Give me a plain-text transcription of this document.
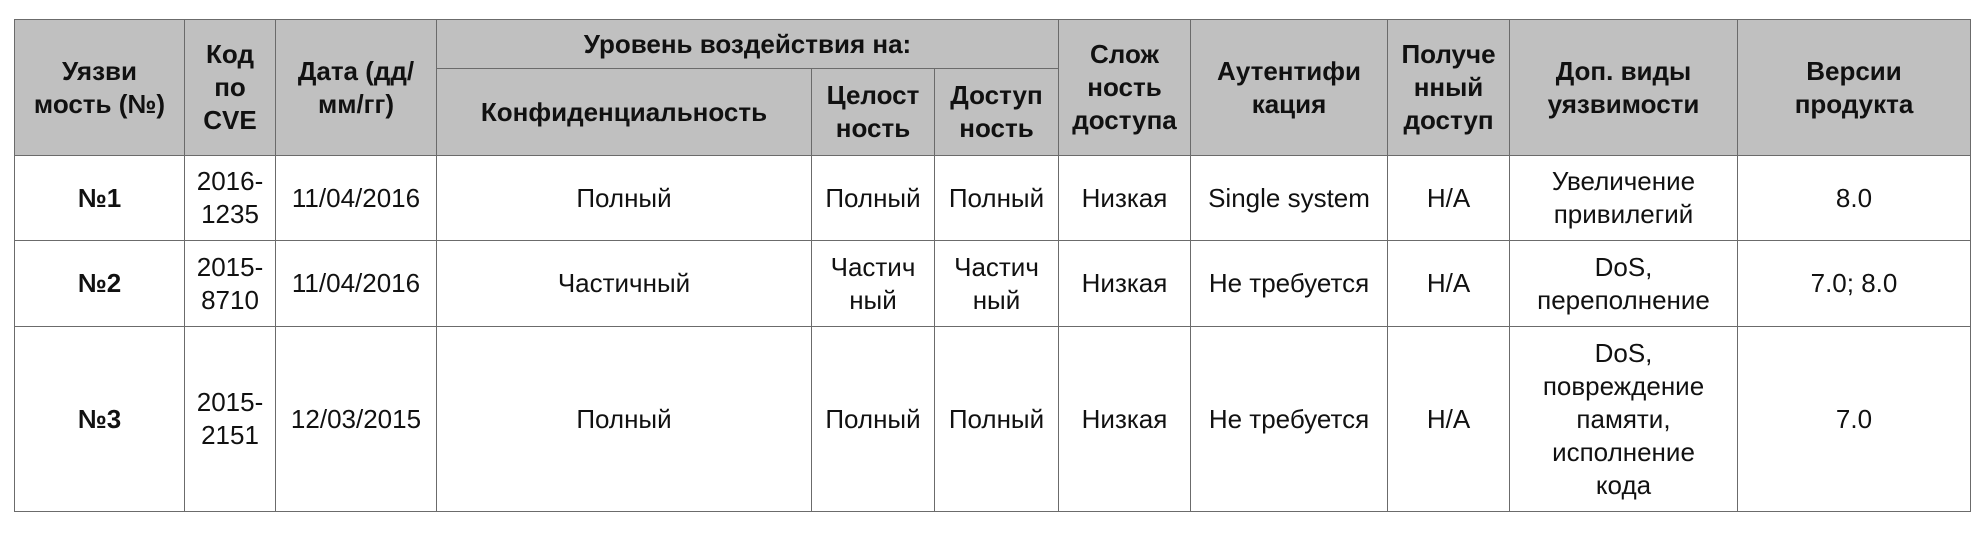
Уязви
мость (№)	Код
по
CVE	Дата (дд/
мм/гг)	Уровень воздействия на:			Слож
ность
доступа	Аутентифи
кация	Получе
нный
доступ	Доп. виды
уязвимости	Версии
продукта
			Конфиденциальность	Целост
ность	Доступ
ность					
№1	2016-
1235	11/04/2016	Полный	Полный	Полный	Низкая	Single system	Н/А	Увеличение
привилегий	8.0
№2	2015-
8710	11/04/2016	Частичный	Частич
ный	Частич
ный	Низкая	Не требуется	Н/А	DoS,
переполнение	7.0; 8.0
№3	2015-
2151	12/03/2015	Полный	Полный	Полный	Низкая	Не требуется	Н/А	DoS,
повреждение
памяти,
исполнение
кода	7.0
